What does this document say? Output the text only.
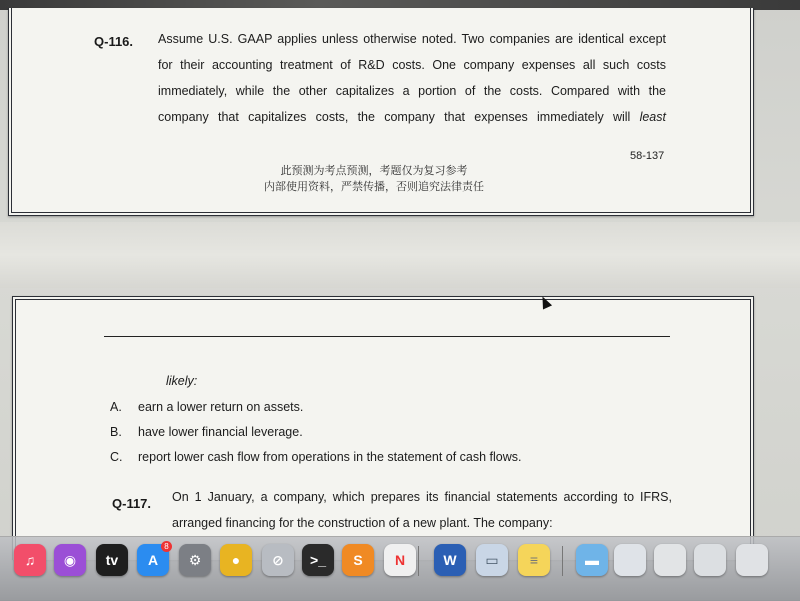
Q-116. Assume U.S. GAAP applies unless otherwise noted. Two companies are identical except
for their accounting treatment of R&D costs. One company expenses all such costs
immediately, while the other capitalizes a portion of the costs. Compared with the
company that capitalizes costs, the company that expenses immediately will least
58-137
此预测为考点预测，考题仅为复习参考
内部使用资料，严禁传播，否则追究法律责任
likely:
A. earn a lower return on assets.
B. have lower financial leverage.
C. report lower cash flow from operations in the statement of cash flows.
Q-117. On 1 January, a company, which prepares its financial statements according to IFRS,
arranged financing for the construction of a new plant. The company:
♫	◉	tv	A
8
⚙	●	⊘	>_	S	N	W	▭	≡	▬
